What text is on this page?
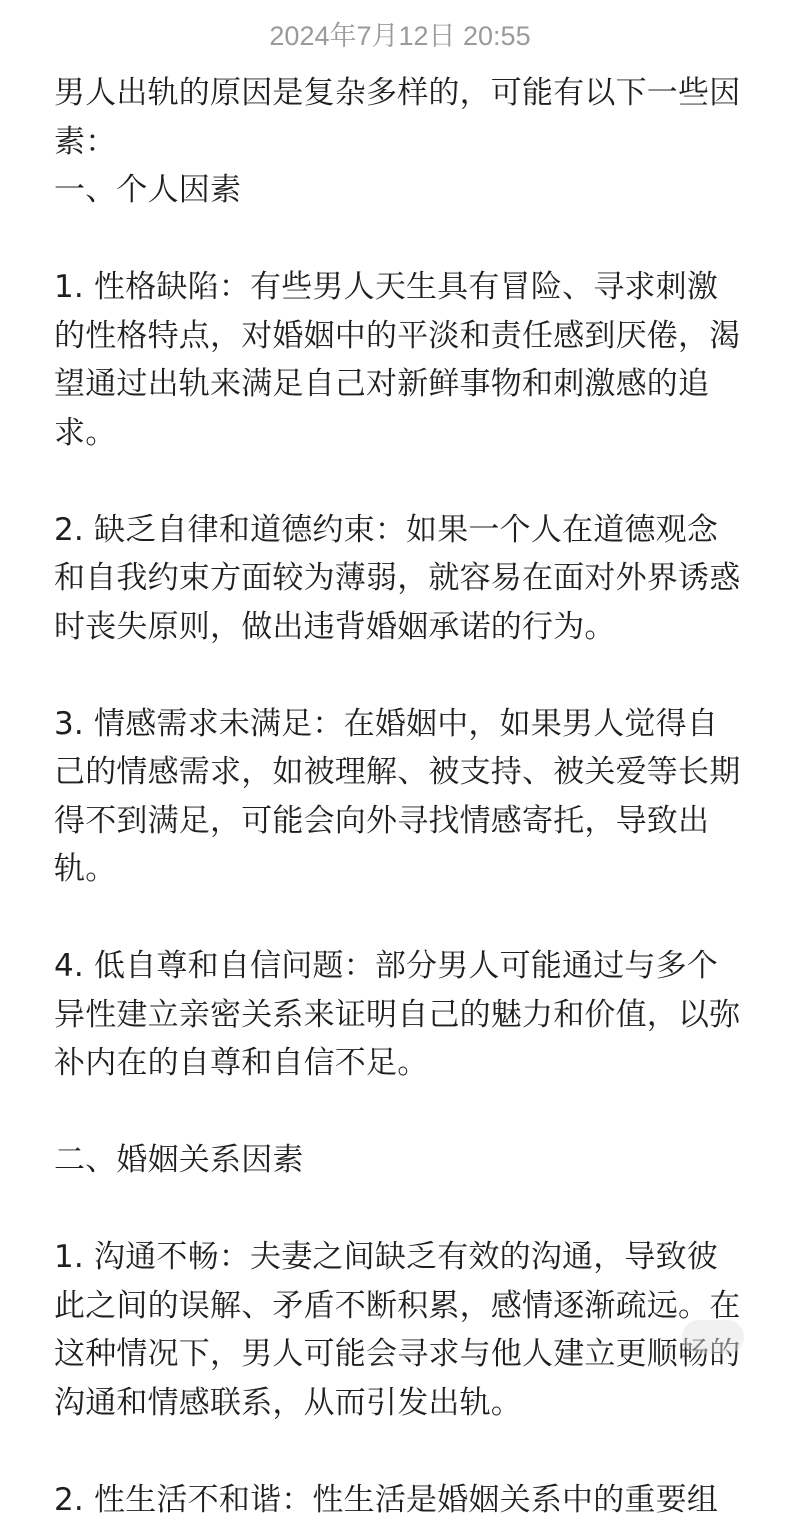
2024年7月12日 20:55

男人出轨的原因是复杂多样的，可能有以下一些因素：

一、个人因素

1. 性格缺陷：有些男人天生具有冒险、寻求刺激的性格特点，对婚姻中的平淡和责任感到厌倦，渴望通过出轨来满足自己对新鲜事物和刺激感的追求。

2. 缺乏自律和道德约束：如果一个人在道德观念和自我约束方面较为薄弱，就容易在面对外界诱惑时丧失原则，做出违背婚姻承诺的行为。

3. 情感需求未满足：在婚姻中，如果男人觉得自己的情感需求，如被理解、被支持、被关爱等长期得不到满足，可能会向外寻找情感寄托，导致出轨。

4. 低自尊和自信问题：部分男人可能通过与多个异性建立亲密关系来证明自己的魅力和价值，以弥补内在的自尊和自信不足。

二、婚姻关系因素

1. 沟通不畅：夫妻之间缺乏有效的沟通，导致彼此之间的误解、矛盾不断积累，感情逐渐疏远。在这种情况下，男人可能会寻求与他人建立更顺畅的沟通和情感联系，从而引发出轨。

2. 性生活不和谐：性生活是婚姻关系中的重要组
